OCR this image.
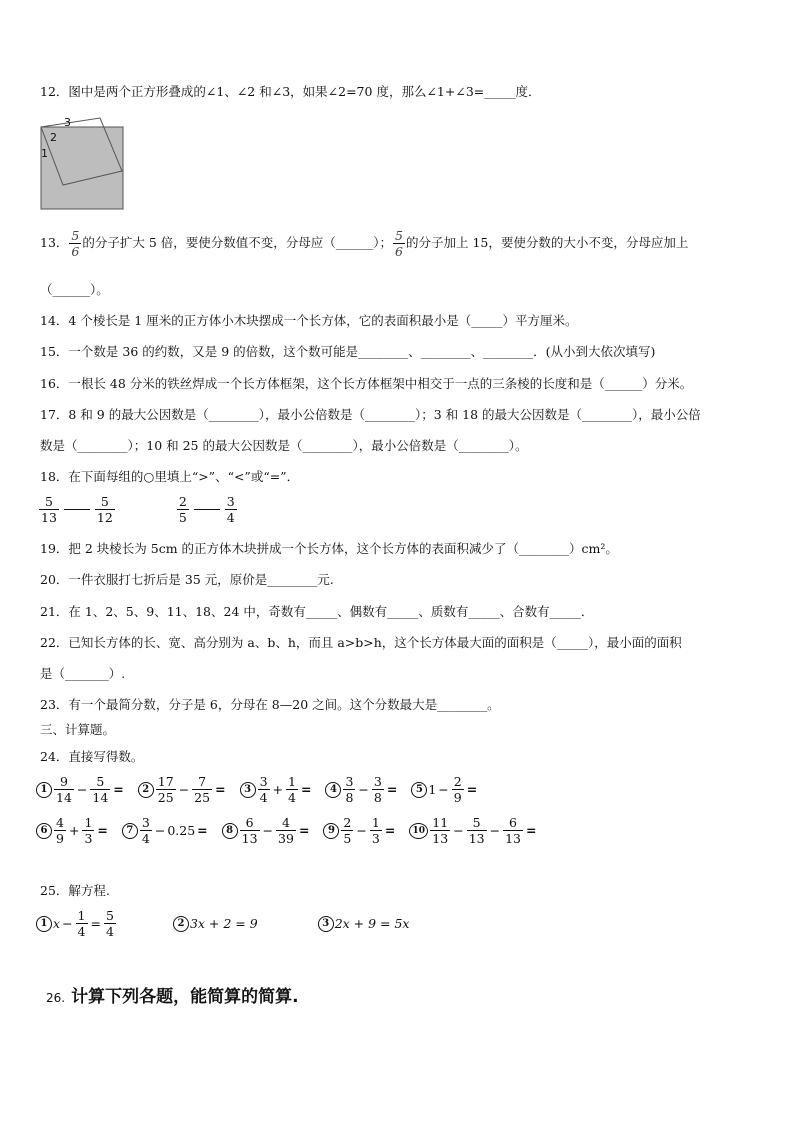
12．图中是两个正方形叠成的∠1、∠2 和∠3，如果∠2=70 度，那么∠1+∠3=_____度．
3
2
1
13． $\frac{5}{6}$ 的分子扩大 5 倍，要使分数值不变，分母应（______）； $\frac{5}{6}$ 的分子加上 15，要使分数的大小不变，分母应加上
（______）。
14．4 个棱长是 1 厘米的正方体小木块摆成一个长方体，它的表面积最小是（_____）平方厘米。
15．一个数是 36 的约数，又是 9 的倍数，这个数可能是________、________、________．(从小到大依次填写)
16．一根长 48 分米的铁丝焊成一个长方体框架，这个长方体框架中相交于一点的三条棱的长度和是（______）分米。
17．8 和 9 的最大公因数是（________），最小公倍数是（________）；3 和 18 的最大公因数是（________），最小公倍
数是（________）；10 和 25 的最大公因数是（________），最小公倍数是（________）。
18．在下面每组的○里填上“>”、“<”或“=”．
$\frac{5}{13}$	$\frac{5}{12}$	$\frac{2}{5}$	$\frac{3}{4}$
19．把 2 块棱长为 5cm 的正方体木块拼成一个长方体，这个长方体的表面积减少了（________）cm²。
20．一件衣服打七折后是 35 元，原价是________元.
21．在 1、2、5、9、11、18、24 中，奇数有_____、偶数有_____、质数有_____、合数有_____．
22．已知长方体的长、宽、高分别为 a、b、h，而且 a>b>h，这个长方体最大面的面积是（_____），最小面的面积
是（_______）.
23．有一个最简分数，分子是 6，分母在 8—20 之间。这个分数最大是________。
三、计算题。
24．直接写得数。
$1 \frac{9}{14} - \frac{5}{14}$ =	$2 \frac{17}{25} - \frac{7}{25}$ =	$3 \frac{3}{4} + \frac{1}{4}$ =	$4 \frac{3}{8} - \frac{3}{8}$ =	5 $1 - \frac{2}{9}$ =
$6 \frac{4}{9} + \frac{1}{3}$ =	$7 \frac{3}{4} - 0.25$ =	$8 \frac{6}{13} - \frac{4}{39}$ =	$9 \frac{2}{5} - \frac{1}{3}$ =	$10 \frac{11}{13} - \frac{5}{13} - \frac{6}{13}$ =
25．解方程.
1 $x - \frac{1}{4} = \frac{5}{4}$	2 3x + 2 = 9	3 2x + 9 = 5x
26. 计算下列各题，能简算的简算.
